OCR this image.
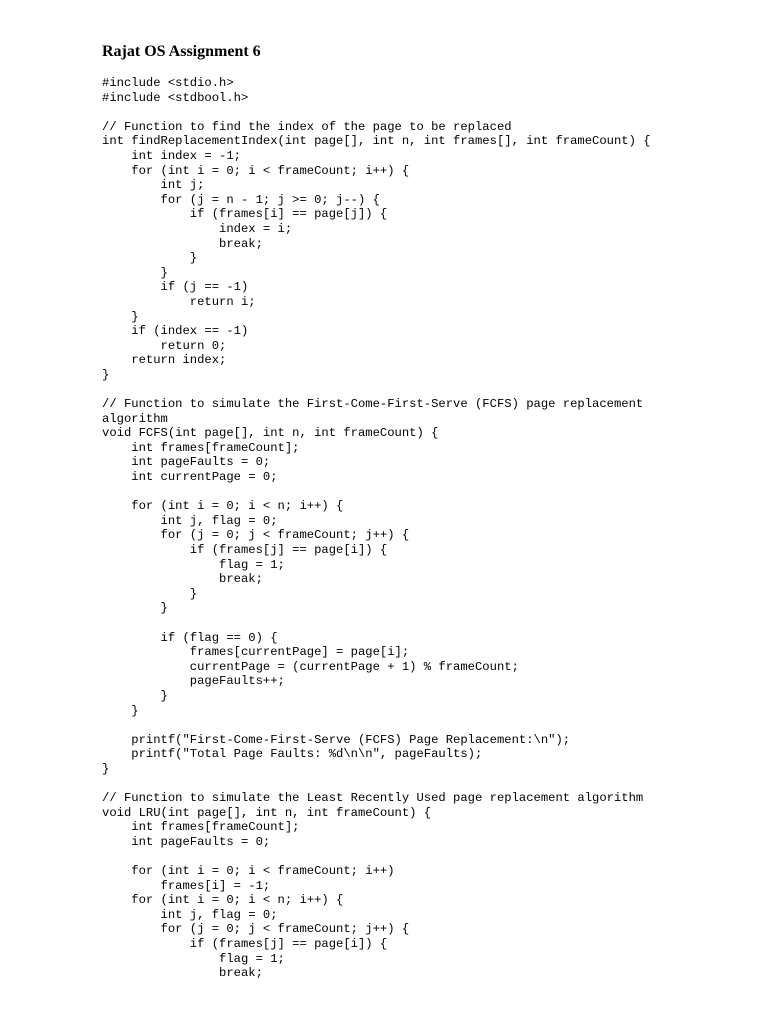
Rajat OS Assignment 6
#include <stdio.h>
#include <stdbool.h>
// Function to find the index of the page to be replaced
int findReplacementIndex(int page[], int n, int frames[], int frameCount) {
int index = -1;
for (int i = 0; i < frameCount; i++) {
int j;
for (j = n - 1; j >= 0; j--) {
if (frames[i] == page[j]) {
index = i;
break;
}
}
if (j == -1)
return i;
}
if (index == -1)
return 0;
return index;
}
// Function to simulate the First-Come-First-Serve (FCFS) page replacement
algorithm
void FCFS(int page[], int n, int frameCount) {
int frames[frameCount];
int pageFaults = 0;
int currentPage = 0;
for (int i = 0; i < n; i++) {
int j, flag = 0;
for (j = 0; j < frameCount; j++) {
if (frames[j] == page[i]) {
flag = 1;
break;
}
}
if (flag == 0) {
frames[currentPage] = page[i];
currentPage = (currentPage + 1) % frameCount;
pageFaults++;
}
}
printf("First-Come-First-Serve (FCFS) Page Replacement:\n");
printf("Total Page Faults: %d\n\n", pageFaults);
}
// Function to simulate the Least Recently Used page replacement algorithm
void LRU(int page[], int n, int frameCount) {
int frames[frameCount];
int pageFaults = 0;
for (int i = 0; i < frameCount; i++)
frames[i] = -1;
for (int i = 0; i < n; i++) {
int j, flag = 0;
for (j = 0; j < frameCount; j++) {
if (frames[j] == page[i]) {
flag = 1;
break;
